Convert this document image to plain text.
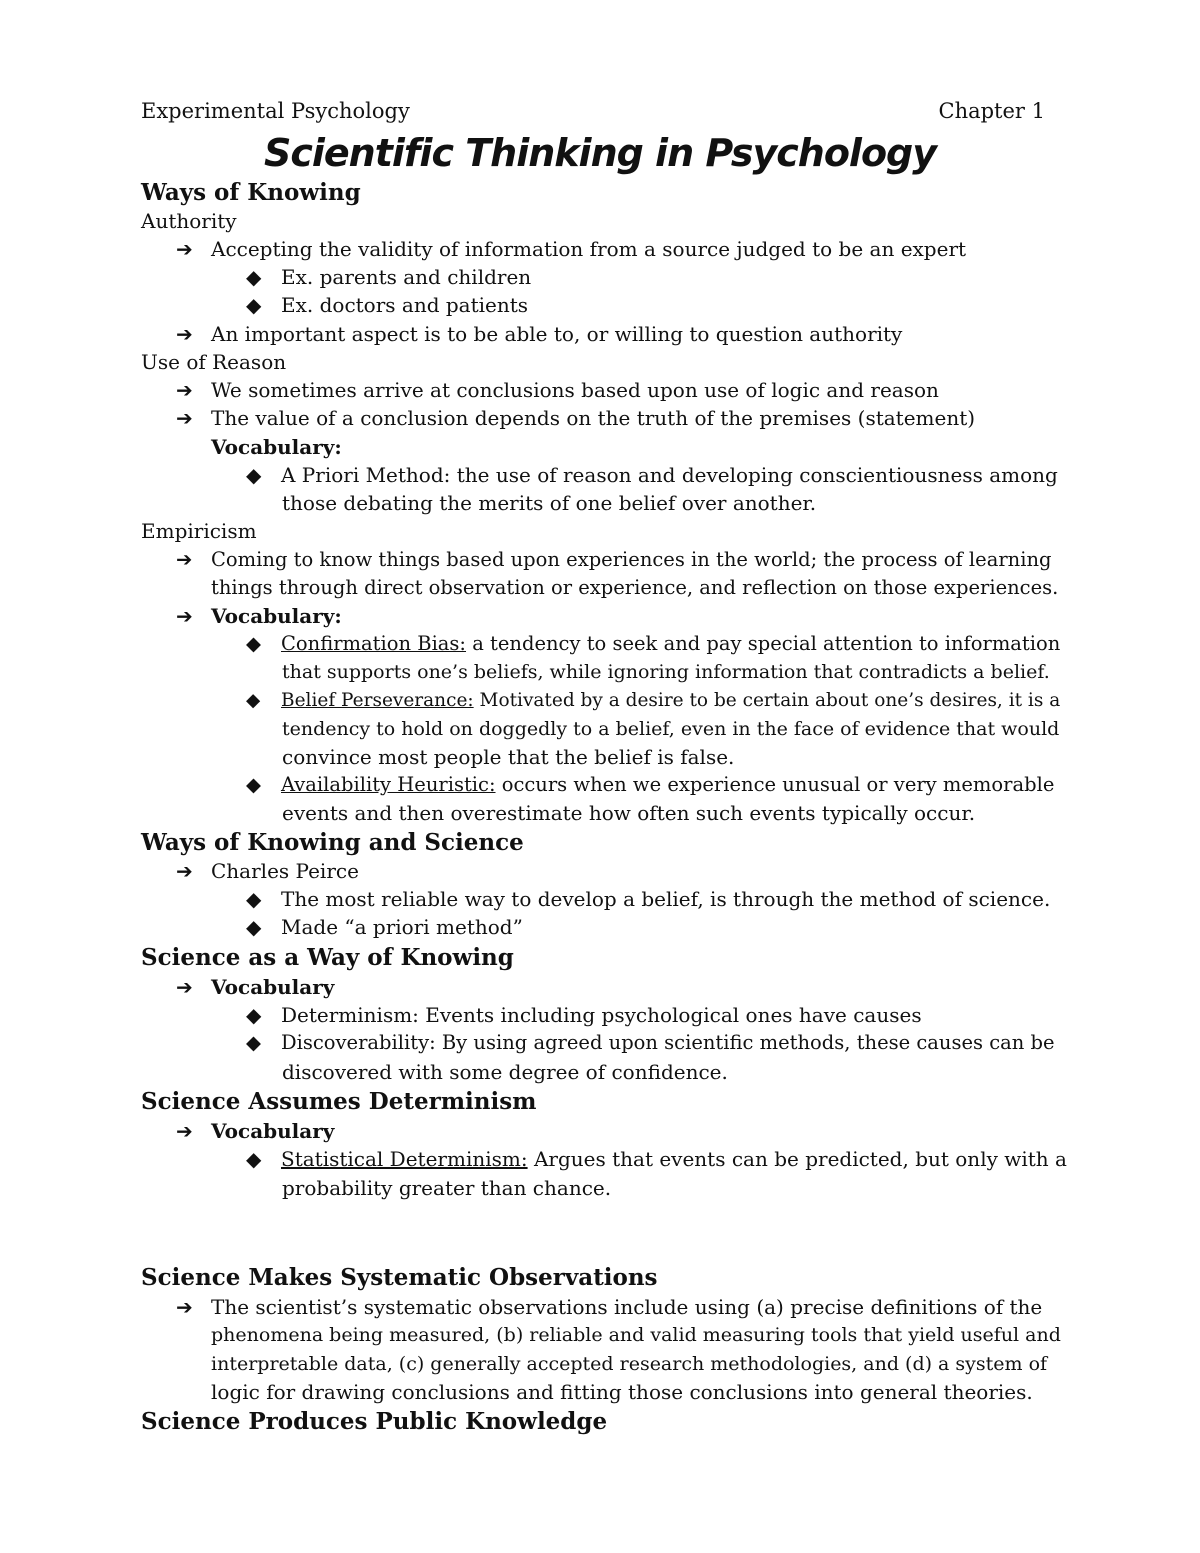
Experimental Psychology	Chapter 1
Scientific Thinking in Psychology
Ways of Knowing
Authority
➔ Accepting the validity of information from a source judged to be an expert
◆ Ex. parents and children
◆ Ex. doctors and patients
➔ An important aspect is to be able to, or willing to question authority
Use of Reason
➔ We sometimes arrive at conclusions based upon use of logic and reason
➔ The value of a conclusion depends on the truth of the premises (statement)
Vocabulary:
◆ A Priori Method: the use of reason and developing conscientiousness among
those debating the merits of one belief over another.
Empiricism
➔ Coming to know things based upon experiences in the world; the process of learning
things through direct observation or experience, and reflection on those experiences.
➔ Vocabulary:
◆ Confirmation Bias: a tendency to seek and pay special attention to information
that supports one’s beliefs, while ignoring information that contradicts a belief.
◆ Belief Perseverance: Motivated by a desire to be certain about one’s desires, it is a
tendency to hold on doggedly to a belief, even in the face of evidence that would
convince most people that the belief is false.
◆ Availability Heuristic: occurs when we experience unusual or very memorable
events and then overestimate how often such events typically occur.
Ways of Knowing and Science
➔ Charles Peirce
◆ The most reliable way to develop a belief, is through the method of science.
◆ Made “a priori method”
Science as a Way of Knowing
➔ Vocabulary
◆ Determinism: Events including psychological ones have causes
◆ Discoverability: By using agreed upon scientific methods, these causes can be
discovered with some degree of confidence.
Science Assumes Determinism
➔ Vocabulary
◆ Statistical Determinism: Argues that events can be predicted, but only with a
probability greater than chance.
Science Makes Systematic Observations
➔ The scientist’s systematic observations include using (a) precise definitions of the
phenomena being measured, (b) reliable and valid measuring tools that yield useful and
interpretable data, (c) generally accepted research methodologies, and (d) a system of
logic for drawing conclusions and fitting those conclusions into general theories.
Science Produces Public Knowledge
